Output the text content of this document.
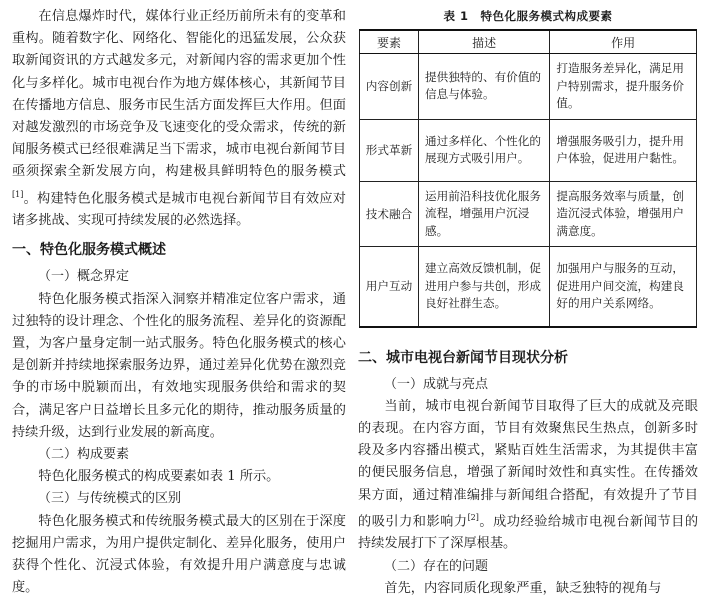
在信息爆炸时代，媒体行业正经历前所未有的变革和重构。随着数字化、网络化、智能化的迅猛发展，公众获取新闻资讯的方式越发多元，对新闻内容的需求更加个性化与多样化。城市电视台作为地方媒体核心，其新闻节目在传播地方信息、服务市民生活方面发挥巨大作用。但面对越发激烈的市场竞争及飞速变化的受众需求，传统的新闻服务模式已经很难满足当下需求，城市电视台新闻节目亟须探索全新发展方向，构建极具鲜明特色的服务模式[1]。构建特色化服务模式是城市电视台新闻节目有效应对诸多挑战、实现可持续发展的必然选择。

一、特色化服务模式概述

（一）概念界定

特色化服务模式指深入洞察并精准定位客户需求，通过独特的设计理念、个性化的服务流程、差异化的资源配置，为客户量身定制一站式服务。特色化服务模式的核心是创新并持续地探索服务边界，通过差异化优势在激烈竞争的市场中脱颖而出，有效地实现服务供给和需求的契合，满足客户日益增长且多元化的期待，推动服务质量的持续升级，达到行业发展的新高度。

（二）构成要素

特色化服务模式的构成要素如表 1 所示。

（三）与传统模式的区别

特色化服务模式和传统服务模式最大的区别在于深度挖掘用户需求，为用户提供定制化、差异化服务，使用户获得个性化、沉浸式体验，有效提升用户满意度与忠诚度。

表 1　特色化服务模式构成要素
要素	描述	作用
内容创新	提供独特的、有价值的信息与体验。	打造服务差异化，满足用户特别需求，提升服务价值。
形式革新	通过多样化、个性化的展现方式吸引用户。	增强服务吸引力，提升用户体验，促进用户黏性。
技术融合	运用前沿科技优化服务流程，增强用户沉浸感。	提高服务效率与质量，创造沉浸式体验，增强用户满意度。
用户互动	建立高效反馈机制，促进用户参与共创，形成良好社群生态。	加强用户与服务的互动，促进用户间交流，构建良好的用户关系网络。
二、城市电视台新闻节目现状分析

（一）成就与亮点

当前，城市电视台新闻节目取得了巨大的成就及亮眼的表现。在内容方面，节目有效聚焦民生热点，创新多时段及多内容播出模式，紧贴百姓生活需求，为其提供丰富的便民服务信息，增强了新闻时效性和真实性。在传播效果方面，通过精准编排与新闻组合搭配，有效提升了节目的吸引力和影响力[2]。成功经验给城市电视台新闻节目的持续发展打下了深厚根基。

（二）存在的问题

首先，内容同质化现象严重，缺乏独特的视角与
